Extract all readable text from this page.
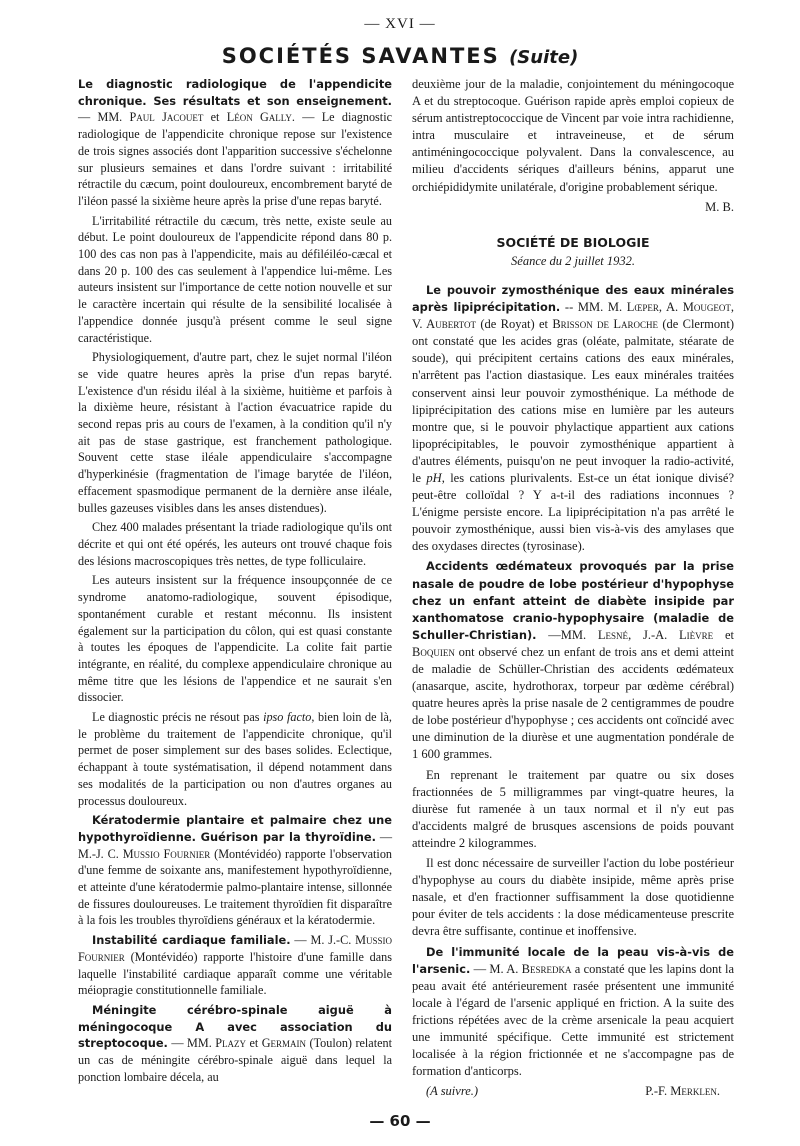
— XVI —
SOCIÉTÉS SAVANTES (Suite)

Le diagnostic radiologique de l'appendicite chronique. Ses résultats et son enseignement. — MM. Paul Jacouet et Léon Gally. — Le diagnostic radiologique de l'appendicite chronique repose sur l'existence de trois signes associés dont l'apparition successive s'échelonne sur plusieurs semaines et dans l'ordre suivant : irritabilité rétractile du cæcum, point douloureux, encombrement baryté de l'iléon passé la sixième heure après la prise d'une repas baryté.

L'irritabilité rétractile du cæcum, très nette, existe seule au début. Le point douloureux de l'appendicite répond dans 80 p. 100 des cas non pas à l'appendicite, mais au défiléiléo-cæcal et dans 20 p. 100 des cas seulement à l'appendice lui-même. Les auteurs insistent sur l'importance de cette notion nouvelle et sur le caractère incertain qui résulte de la sensibilité localisée à l'appendice donnée jusqu'à présent comme le seul signe caractéristique.

Physiologiquement, d'autre part, chez le sujet normal l'iléon se vide quatre heures après la prise d'un repas baryté. L'existence d'un résidu iléal à la sixième, huitième et parfois à la dixième heure, résistant à l'action évacuatrice rapide du second repas pris au cours de l'examen, à la condition qu'il n'y ait pas de stase gastrique, est franchement pathologique. Souvent cette stase iléale appendiculaire s'accompagne d'hyperkinésie (fragmentation de l'image barytée de l'iléon, effacement spasmodique permanent de la dernière anse iléale, bulles gazeuses visibles dans les anses distendues).

Chez 400 malades présentant la triade radiologique qu'ils ont décrite et qui ont été opérés, les auteurs ont trouvé chaque fois des lésions macroscopiques très nettes, de type folliculaire.

Les auteurs insistent sur la fréquence insoupçonnée de ce syndrome anatomo-radiologique, souvent épisodique, spontanément curable et restant méconnu. Ils insistent également sur la participation du côlon, qui est quasi constante à toutes les époques de l'appendicite. La colite fait partie intégrante, en réalité, du complexe appendiculaire chronique au même titre que les lésions de l'appendice et ne saurait s'en dissocier.

Le diagnostic précis ne résout pas ipso facto, bien loin de là, le problème du traitement de l'appendicite chronique, qu'il permet de poser simplement sur des bases solides. Eclectique, échappant à toute systématisation, il dépend notamment dans ses modalités de la participation ou non d'autres organes au processus douloureux.

Kératodermie plantaire et palmaire chez une hypothyroïdienne. Guérison par la thyroïdine. — M.-J. C. Mussio Fournier (Montévidéo) rapporte l'observation d'une femme de soixante ans, manifestement hypothyroïdienne, et atteinte d'une kératodermie palmo-plantaire intense, sillonnée de fissures douloureuses. Le traitement thyroïdien fit disparaître à la fois les troubles thyroïdiens généraux et la kératodermie.

Instabilité cardiaque familiale. — M. J.-C. Mussio Fournier (Montévidéo) rapporte l'histoire d'une famille dans laquelle l'instabilité cardiaque apparaît comme une véritable méiopragie constitutionnelle familiale.

Méningite cérébro-spinale aiguë à méningocoque A avec association du streptocoque. — MM. Plazy et Germain (Toulon) relatent un cas de méningite cérébro-spinale aiguë dans lequel la ponction lombaire décela, au

deuxième jour de la maladie, conjointement du méningocoque A et du streptocoque. Guérison rapide après emploi copieux de sérum antistreptococcique de Vincent par voie intra rachidienne, intra musculaire et intraveineuse, et de sérum antiméningococcique polyvalent. Dans la convalescence, au milieu d'accidents sériques d'ailleurs bénins, apparut une orchiépididymite unilatérale, d'origine probablement sérique.

M. B.

SOCIÉTÉ DE BIOLOGIE
Séance du 2 juillet 1932.

Le pouvoir zymosthénique des eaux minérales après lipiprécipitation. -- MM. M. Lœper, A. Mougeot, V. Aubertot (de Royat) et Brisson de Laroche (de Clermont) ont constaté que les acides gras (oléate, palmitate, stéarate de soude), qui précipitent certains cations des eaux minérales, n'arrêtent pas l'action diastasique. Les eaux minérales traitées conservent ainsi leur pouvoir zymosthénique. La méthode de lipiprécipitation des cations mise en lumière par les auteurs montre que, si le pouvoir phylactique appartient aux cations lipoprécipitables, le pouvoir zymosthénique appartient à d'autres éléments, puisqu'on ne peut invoquer la radio-activité, le pH, les cations plurivalents. Est-ce un état ionique divisé? peut-être colloïdal ? Y a-t-il des radiations inconnues ? L'énigme persiste encore. La lipiprécipitation n'a pas arrêté le pouvoir zymosthénique, aussi bien vis-à-vis des amylases que des oxydases directes (tyrosinase).

Accidents œdémateux provoqués par la prise nasale de poudre de lobe postérieur d'hypophyse chez un enfant atteint de diabète insipide par xanthomatose cranio-hypophysaire (maladie de Schuller-Christian). —MM. Lesné, J.-A. Lièvre et Boquien ont observé chez un enfant de trois ans et demi atteint de maladie de Schüller-Christian des accidents œdémateux (anasarque, ascite, hydrothorax, torpeur par œdème cérébral) quatre heures après la prise nasale de 2 centigrammes de poudre de lobe postérieur d'hypophyse ; ces accidents ont coïncidé avec une diminution de la diurèse et une augmentation pondérale de 1 600 grammes.

En reprenant le traitement par quatre ou six doses fractionnées de 5 milligrammes par vingt-quatre heures, la diurèse fut ramenée à un taux normal et il n'y eut pas d'accidents malgré de brusques ascensions de poids pouvant atteindre 2 kilogrammes.

Il est donc nécessaire de surveiller l'action du lobe postérieur d'hypophyse au cours du diabète insipide, même après prise nasale, et d'en fractionner suffisamment la dose quotidienne pour éviter de tels accidents : la dose médicamenteuse prescrite devra être suffisante, continue et inoffensive.

De l'immunité locale de la peau vis-à-vis de l'arsenic. — M. A. Besredka a constaté que les lapins dont la peau avait été antérieurement rasée présentent une immunité locale à l'égard de l'arsenic appliqué en friction. A la suite des frictions répétées avec de la crème arsenicale la peau acquiert une immunité spécifique. Cette immunité est strictement localisée à la région frictionnée et ne s'accompagne pas de formation d'anticorps.

(A suivre.)	P.-F. Merklen.
— 60 —
